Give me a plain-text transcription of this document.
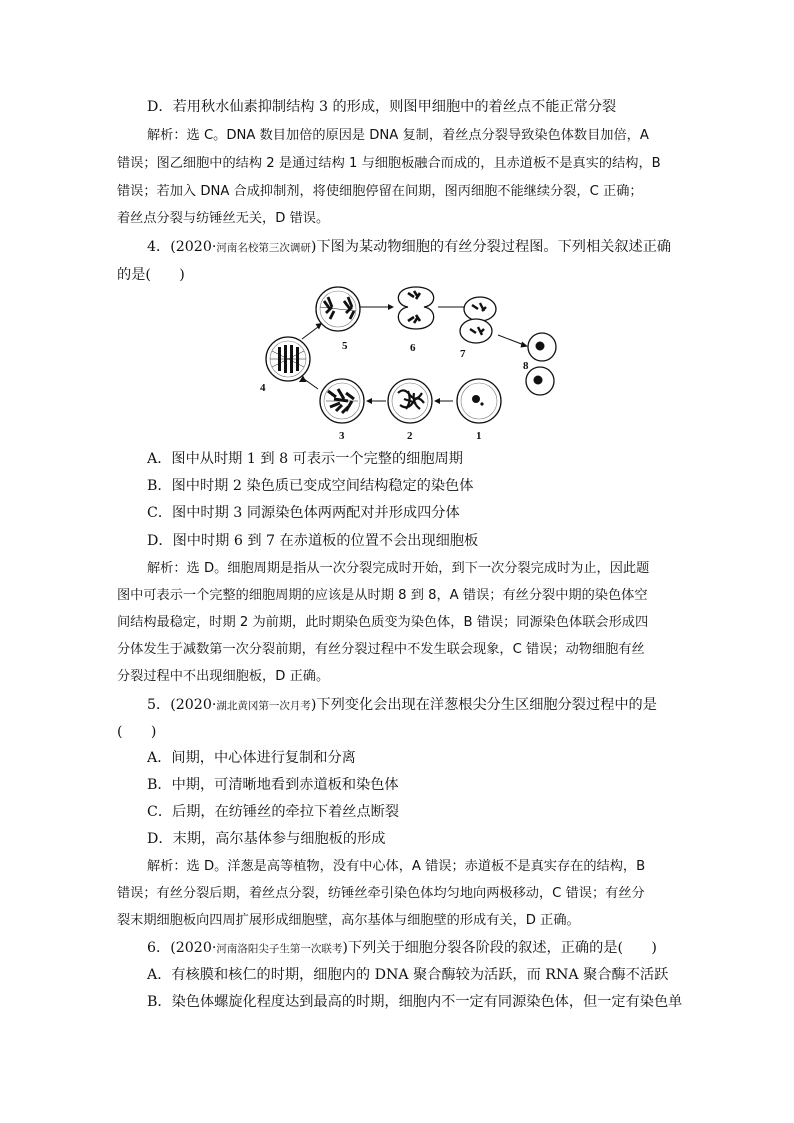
D．若用秋水仙素抑制结构 3 的形成，则图甲细胞中的着丝点不能正常分裂
解析：选 C。DNA 数目加倍的原因是 DNA 复制，着丝点分裂导致染色体数目加倍，A
错误；图乙细胞中的结构 2 是通过结构 1 与细胞板融合而成的，且赤道板不是真实的结构，B
错误；若加入 DNA 合成抑制剂，将使细胞停留在间期，图丙细胞不能继续分裂，C 正确；
着丝点分裂与纺锤丝无关，D 错误。
4．(2020·河南名校第三次调研)下图为某动物细胞的有丝分裂过程图。下列相关叙述正确
的是(　　)
1
2
3
4
5	6	7
8
A．图中从时期 1 到 8 可表示一个完整的细胞周期
B．图中时期 2 染色质已变成空间结构稳定的染色体
C．图中时期 3 同源染色体两两配对并形成四分体
D．图中时期 6 到 7 在赤道板的位置不会出现细胞板
解析：选 D。细胞周期是指从一次分裂完成时开始，到下一次分裂完成时为止，因此题
图中可表示一个完整的细胞周期的应该是从时期 8 到 8，A 错误；有丝分裂中期的染色体空
间结构最稳定，时期 2 为前期，此时期染色质变为染色体，B 错误；同源染色体联会形成四
分体发生于减数第一次分裂前期，有丝分裂过程中不发生联会现象，C 错误；动物细胞有丝
分裂过程中不出现细胞板，D 正确。
5．(2020·湖北黄冈第一次月考)下列变化会出现在洋葱根尖分生区细胞分裂过程中的是
(　　)
A．间期，中心体进行复制和分离
B．中期，可清晰地看到赤道板和染色体
C．后期，在纺锤丝的牵拉下着丝点断裂
D．末期，高尔基体参与细胞板的形成
解析：选 D。洋葱是高等植物，没有中心体，A 错误；赤道板不是真实存在的结构，B
错误；有丝分裂后期，着丝点分裂，纺锤丝牵引染色体均匀地向两极移动，C 错误；有丝分
裂末期细胞板向四周扩展形成细胞壁，高尔基体与细胞壁的形成有关，D 正确。
6．(2020·河南洛阳尖子生第一次联考)下列关于细胞分裂各阶段的叙述，正确的是(　　)
A．有核膜和核仁的时期，细胞内的 DNA 聚合酶较为活跃，而 RNA 聚合酶不活跃
B．染色体螺旋化程度达到最高的时期，细胞内不一定有同源染色体，但一定有染色单
